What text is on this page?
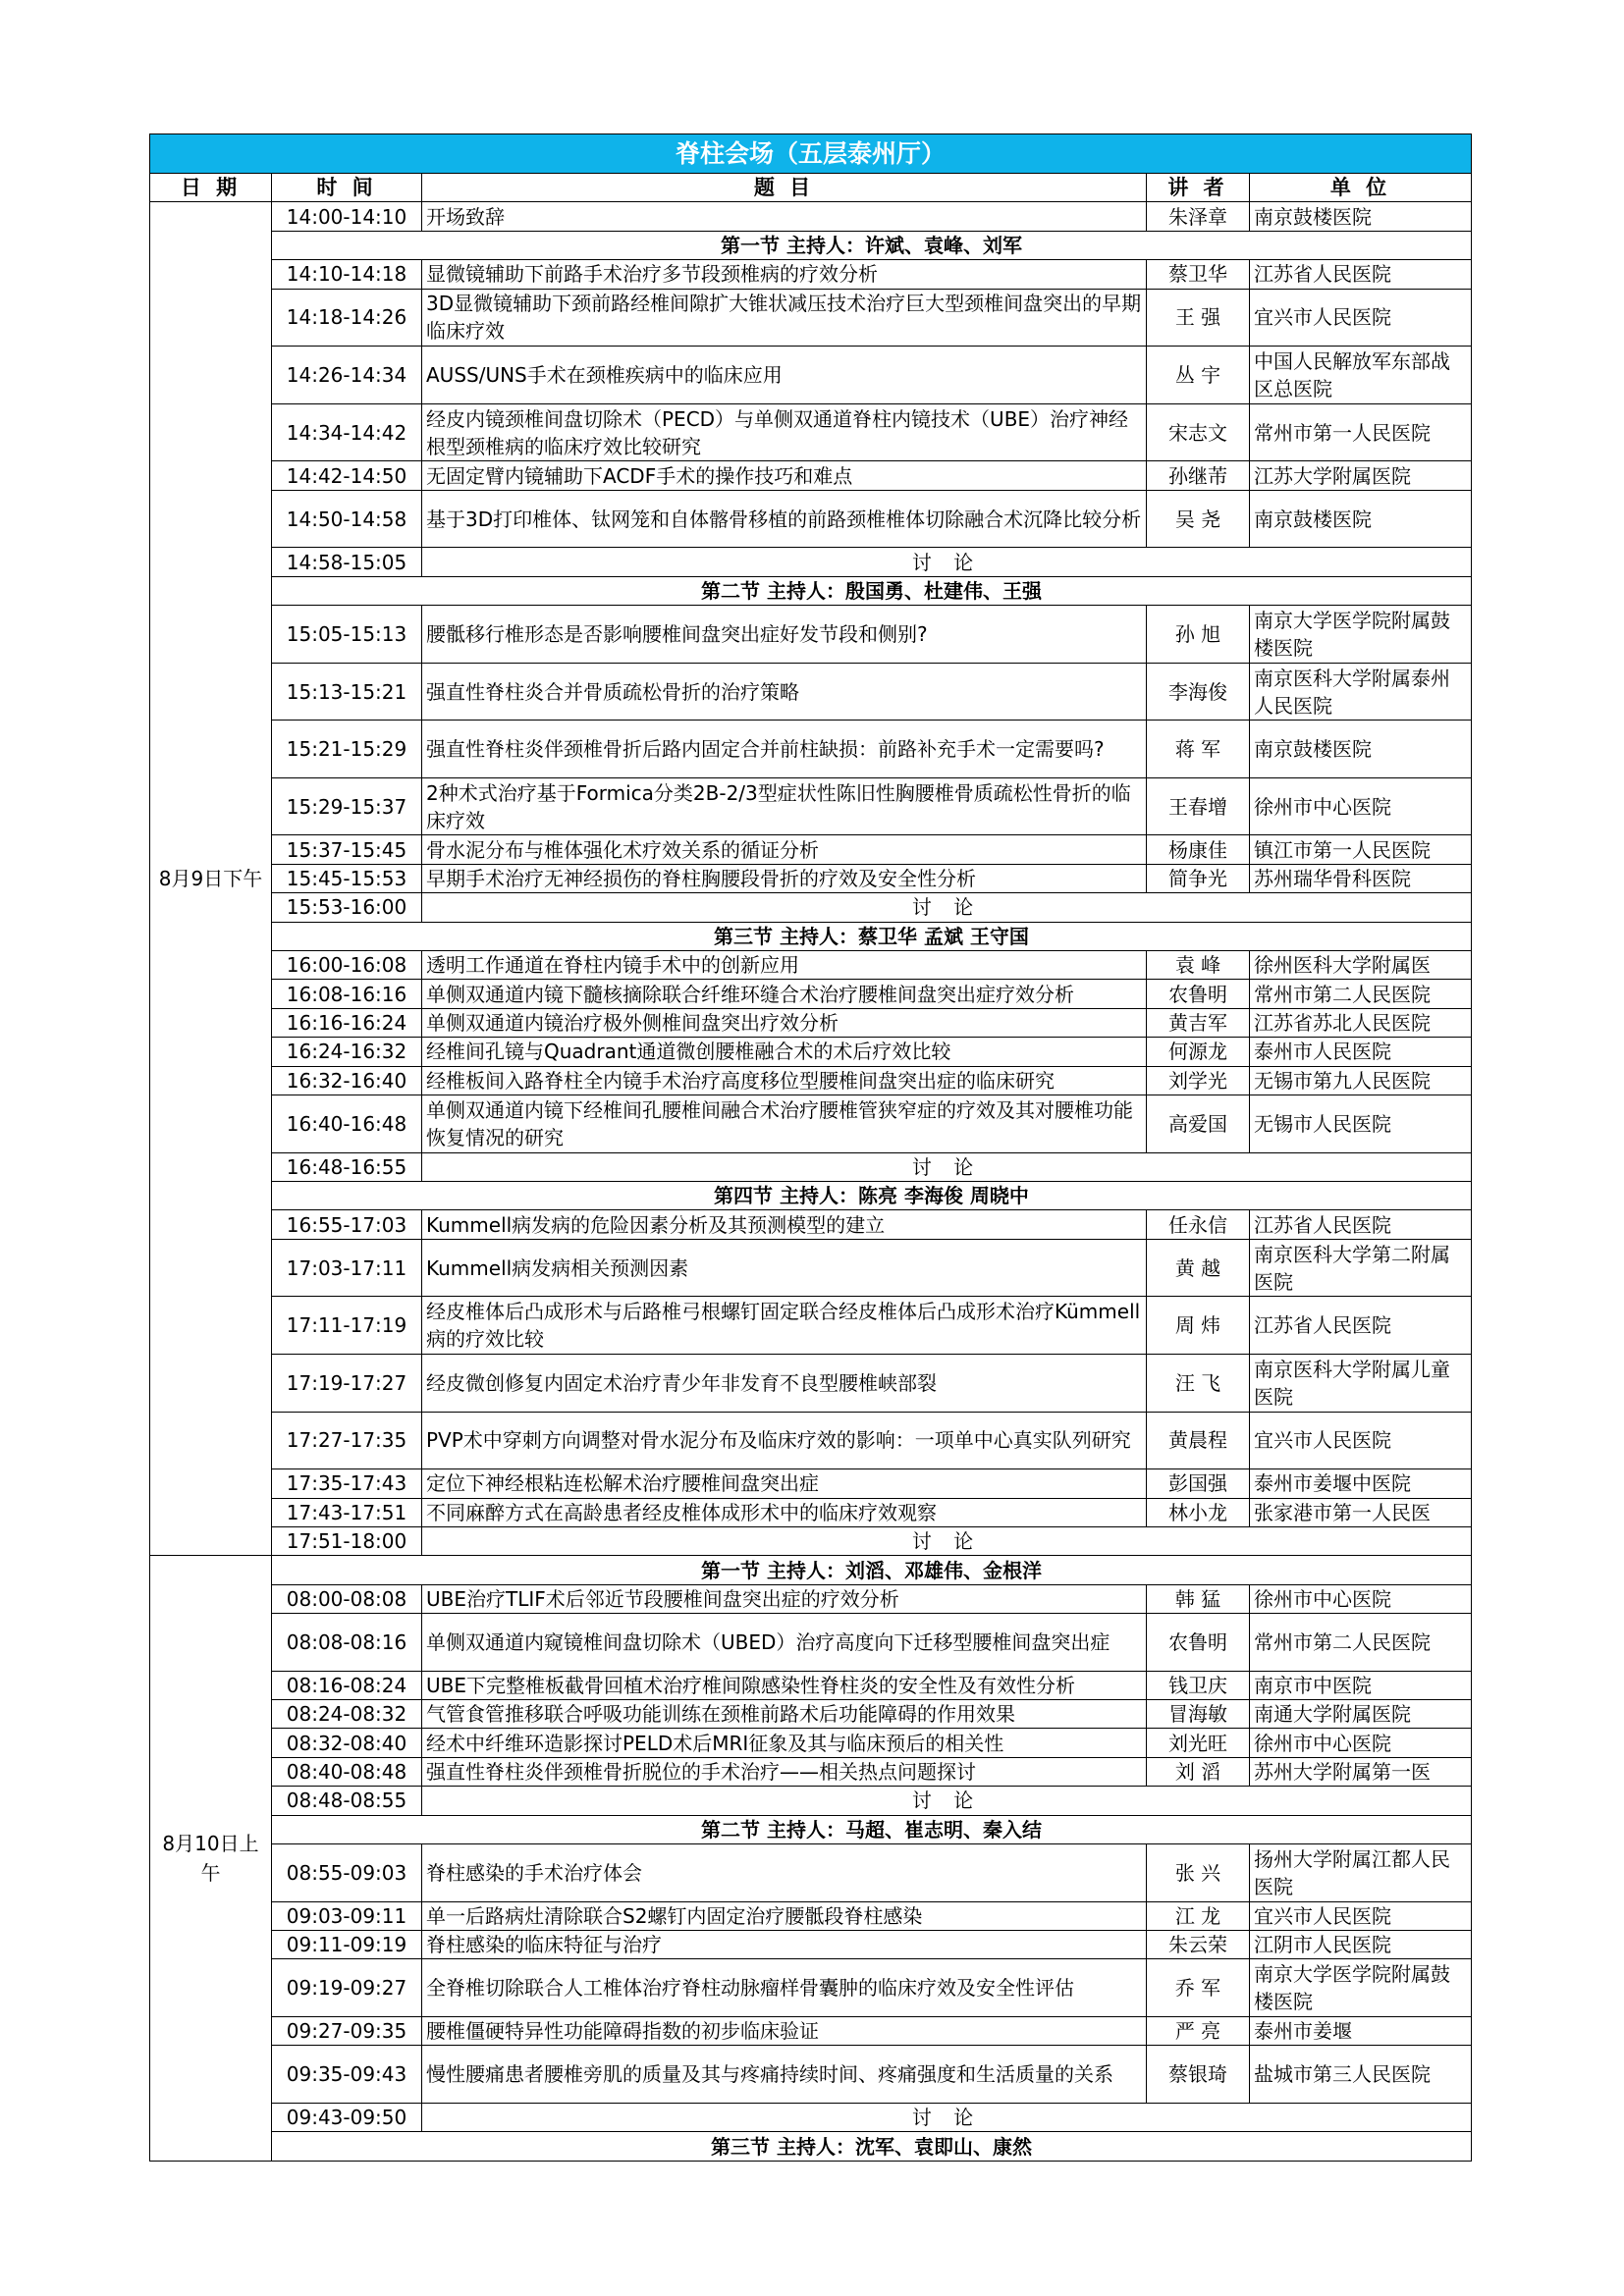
脊柱会场（五层泰州厅）				
日 期	时 间	题 目	讲 者	单 位

8月9日下午	14:00-14:10	开场致辞	朱泽章	南京鼓楼医院
	第一节 主持人：许斌、袁峰、刘军			
	14:10-14:18	显微镜辅助下前路手术治疗多节段颈椎病的疗效分析	蔡卫华	江苏省人民医院
	14:18-14:26	3D显微镜辅助下颈前路经椎间隙扩大锥状减压技术治疗巨大型颈椎间盘突出的早期临床疗效	王 强	宜兴市人民医院
	14:26-14:34	AUSS/UNS手术在颈椎疾病中的临床应用	丛 宇	中国人民解放军东部战区总医院
	14:34-14:42	经皮内镜颈椎间盘切除术（PECD）与单侧双通道脊柱内镜技术（UBE）治疗神经根型颈椎病的临床疗效比较研究	宋志文	常州市第一人民医院
	14:42-14:50	无固定臂内镜辅助下ACDF手术的操作技巧和难点	孙继芾	江苏大学附属医院
	14:50-14:58	基于3D打印椎体、钛网笼和自体髂骨移植的前路颈椎椎体切除融合术沉降比较分析	吴 尧	南京鼓楼医院
	14:58-15:05	讨 论		
	第二节 主持人：殷国勇、杜建伟、王强			
	15:05-15:13	腰骶移行椎形态是否影响腰椎间盘突出症好发节段和侧别?	孙 旭	南京大学医学院附属鼓楼医院
	15:13-15:21	强直性脊柱炎合并骨质疏松骨折的治疗策略	李海俊	南京医科大学附属泰州人民医院
	15:21-15:29	强直性脊柱炎伴颈椎骨折后路内固定合并前柱缺损：前路补充手术一定需要吗?	蒋 军	南京鼓楼医院
	15:29-15:37	2种术式治疗基于Formica分类2B-2/3型症状性陈旧性胸腰椎骨质疏松性骨折的临床疗效	王春增	徐州市中心医院
	15:37-15:45	骨水泥分布与椎体强化术疗效关系的循证分析	杨康佳	镇江市第一人民医院
	15:45-15:53	早期手术治疗无神经损伤的脊柱胸腰段骨折的疗效及安全性分析	简争光	苏州瑞华骨科医院
	15:53-16:00	讨 论		
	第三节 主持人：蔡卫华 孟斌 王守国			
	16:00-16:08	透明工作通道在脊柱内镜手术中的创新应用	袁 峰	徐州医科大学附属医
	16:08-16:16	单侧双通道内镜下髓核摘除联合纤维环缝合术治疗腰椎间盘突出症疗效分析	农鲁明	常州市第二人民医院
	16:16-16:24	单侧双通道内镜治疗极外侧椎间盘突出疗效分析	黄吉军	江苏省苏北人民医院
	16:24-16:32	经椎间孔镜与Quadrant通道微创腰椎融合术的术后疗效比较	何源龙	泰州市人民医院
	16:32-16:40	经椎板间入路脊柱全内镜手术治疗高度移位型腰椎间盘突出症的临床研究	刘学光	无锡市第九人民医院
	16:40-16:48	单侧双通道内镜下经椎间孔腰椎间融合术治疗腰椎管狭窄症的疗效及其对腰椎功能恢复情况的研究	高爱国	无锡市人民医院
	16:48-16:55	讨 论		
	第四节 主持人：陈亮 李海俊 周晓中			
	16:55-17:03	Kummell病发病的危险因素分析及其预测模型的建立	任永信	江苏省人民医院
	17:03-17:11	Kummell病发病相关预测因素	黄 越	南京医科大学第二附属医院
	17:11-17:19	经皮椎体后凸成形术与后路椎弓根螺钉固定联合经皮椎体后凸成形术治疗Kümmell病的疗效比较	周 炜	江苏省人民医院
	17:19-17:27	经皮微创修复内固定术治疗青少年非发育不良型腰椎峡部裂	汪 飞	南京医科大学附属儿童医院
	17:27-17:35	PVP术中穿刺方向调整对骨水泥分布及临床疗效的影响：一项单中心真实队列研究	黄晨程	宜兴市人民医院
	17:35-17:43	定位下神经根粘连松解术治疗腰椎间盘突出症	彭国强	泰州市姜堰中医院
	17:43-17:51	不同麻醉方式在高龄患者经皮椎体成形术中的临床疗效观察	林小龙	张家港市第一人民医
	17:51-18:00	讨 论		

8月10日上
午	第一节 主持人：刘滔、邓雄伟、金根洋			
	08:00-08:08	UBE治疗TLIF术后邻近节段腰椎间盘突出症的疗效分析	韩 猛	徐州市中心医院
	08:08-08:16	单侧双通道内窥镜椎间盘切除术（UBED）治疗高度向下迁移型腰椎间盘突出症	农鲁明	常州市第二人民医院
	08:16-08:24	UBE下完整椎板截骨回植术治疗椎间隙感染性脊柱炎的安全性及有效性分析	钱卫庆	南京市中医院
	08:24-08:32	气管食管推移联合呼吸功能训练在颈椎前路术后功能障碍的作用效果	冒海敏	南通大学附属医院
	08:32-08:40	经术中纤维环造影探讨PELD术后MRI征象及其与临床预后的相关性	刘光旺	徐州市中心医院
	08:40-08:48	强直性脊柱炎伴颈椎骨折脱位的手术治疗——相关热点问题探讨	刘 滔	苏州大学附属第一医
	08:48-08:55	讨 论		
	第二节 主持人：马超、崔志明、秦入结			
	08:55-09:03	脊柱感染的手术治疗体会	张 兴	扬州大学附属江都人民医院
	09:03-09:11	单一后路病灶清除联合S2螺钉内固定治疗腰骶段脊柱感染	江 龙	宜兴市人民医院
	09:11-09:19	脊柱感染的临床特征与治疗	朱云荣	江阴市人民医院
	09:19-09:27	全脊椎切除联合人工椎体治疗脊柱动脉瘤样骨囊肿的临床疗效及安全性评估	乔 军	南京大学医学院附属鼓楼医院
	09:27-09:35	腰椎僵硬特异性功能障碍指数的初步临床验证	严 亮	泰州市姜堰
	09:35-09:43	慢性腰痛患者腰椎旁肌的质量及其与疼痛持续时间、疼痛强度和生活质量的关系	蔡银琦	盐城市第三人民医院
	09:43-09:50	讨 论		
	第三节 主持人：沈军、袁即山、康然			
